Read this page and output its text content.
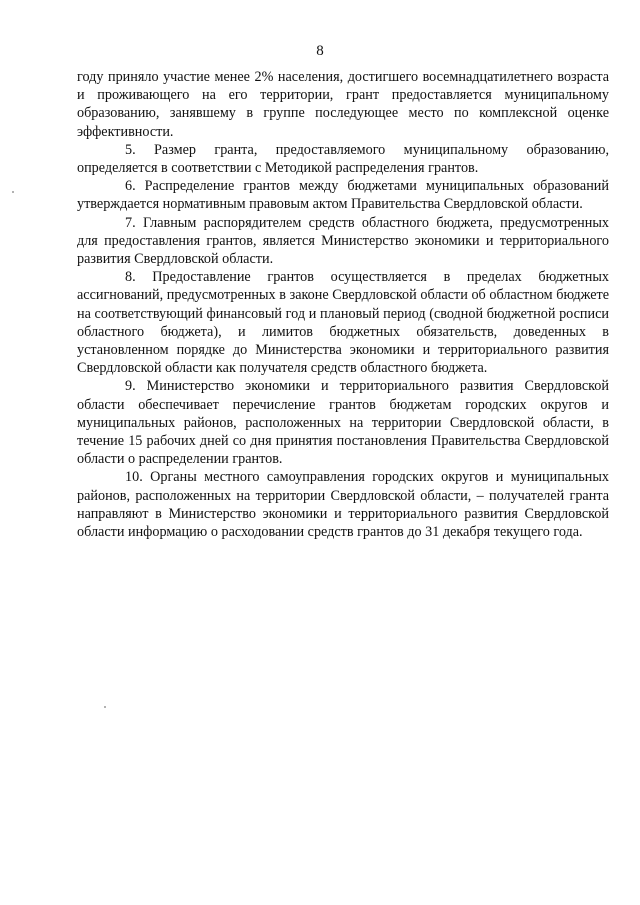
8

году приняло участие менее 2% населения, достигшего восемнадцатилетнего возраста и проживающего на его территории, грант предоставляется муниципальному образованию, занявшему в группе последующее место по комплексной оценке эффективности.

5. Размер гранта, предоставляемого муниципальному образованию, определяется в соответствии с Методикой распределения грантов.

6. Распределение грантов между бюджетами муниципальных образований утверждается нормативным правовым актом Правительства Свердловской области.

7. Главным распорядителем средств областного бюджета, предусмотренных для предоставления грантов, является Министерство экономики и территориального развития Свердловской области.

8. Предоставление грантов осуществляется в пределах бюджетных ассигнований, предусмотренных в законе Свердловской области об областном бюджете на соответствующий финансовый год и плановый период (сводной бюджетной росписи областного бюджета), и лимитов бюджетных обязательств, доведенных в установленном порядке до Министерства экономики и территориального развития Свердловской области как получателя средств областного бюджета.

9. Министерство экономики и территориального развития Свердловской области обеспечивает перечисление грантов бюджетам городских округов и муниципальных районов, расположенных на территории Свердловской области, в течение 15 рабочих дней со дня принятия постановления Правительства Свердловской области о распределении грантов.

10. Органы местного самоуправления городских округов и муниципальных районов, расположенных на территории Свердловской области, – получателей гранта направляют в Министерство экономики и территориального развития Свердловской области информацию о расходовании средств грантов до 31 декабря текущего года.
